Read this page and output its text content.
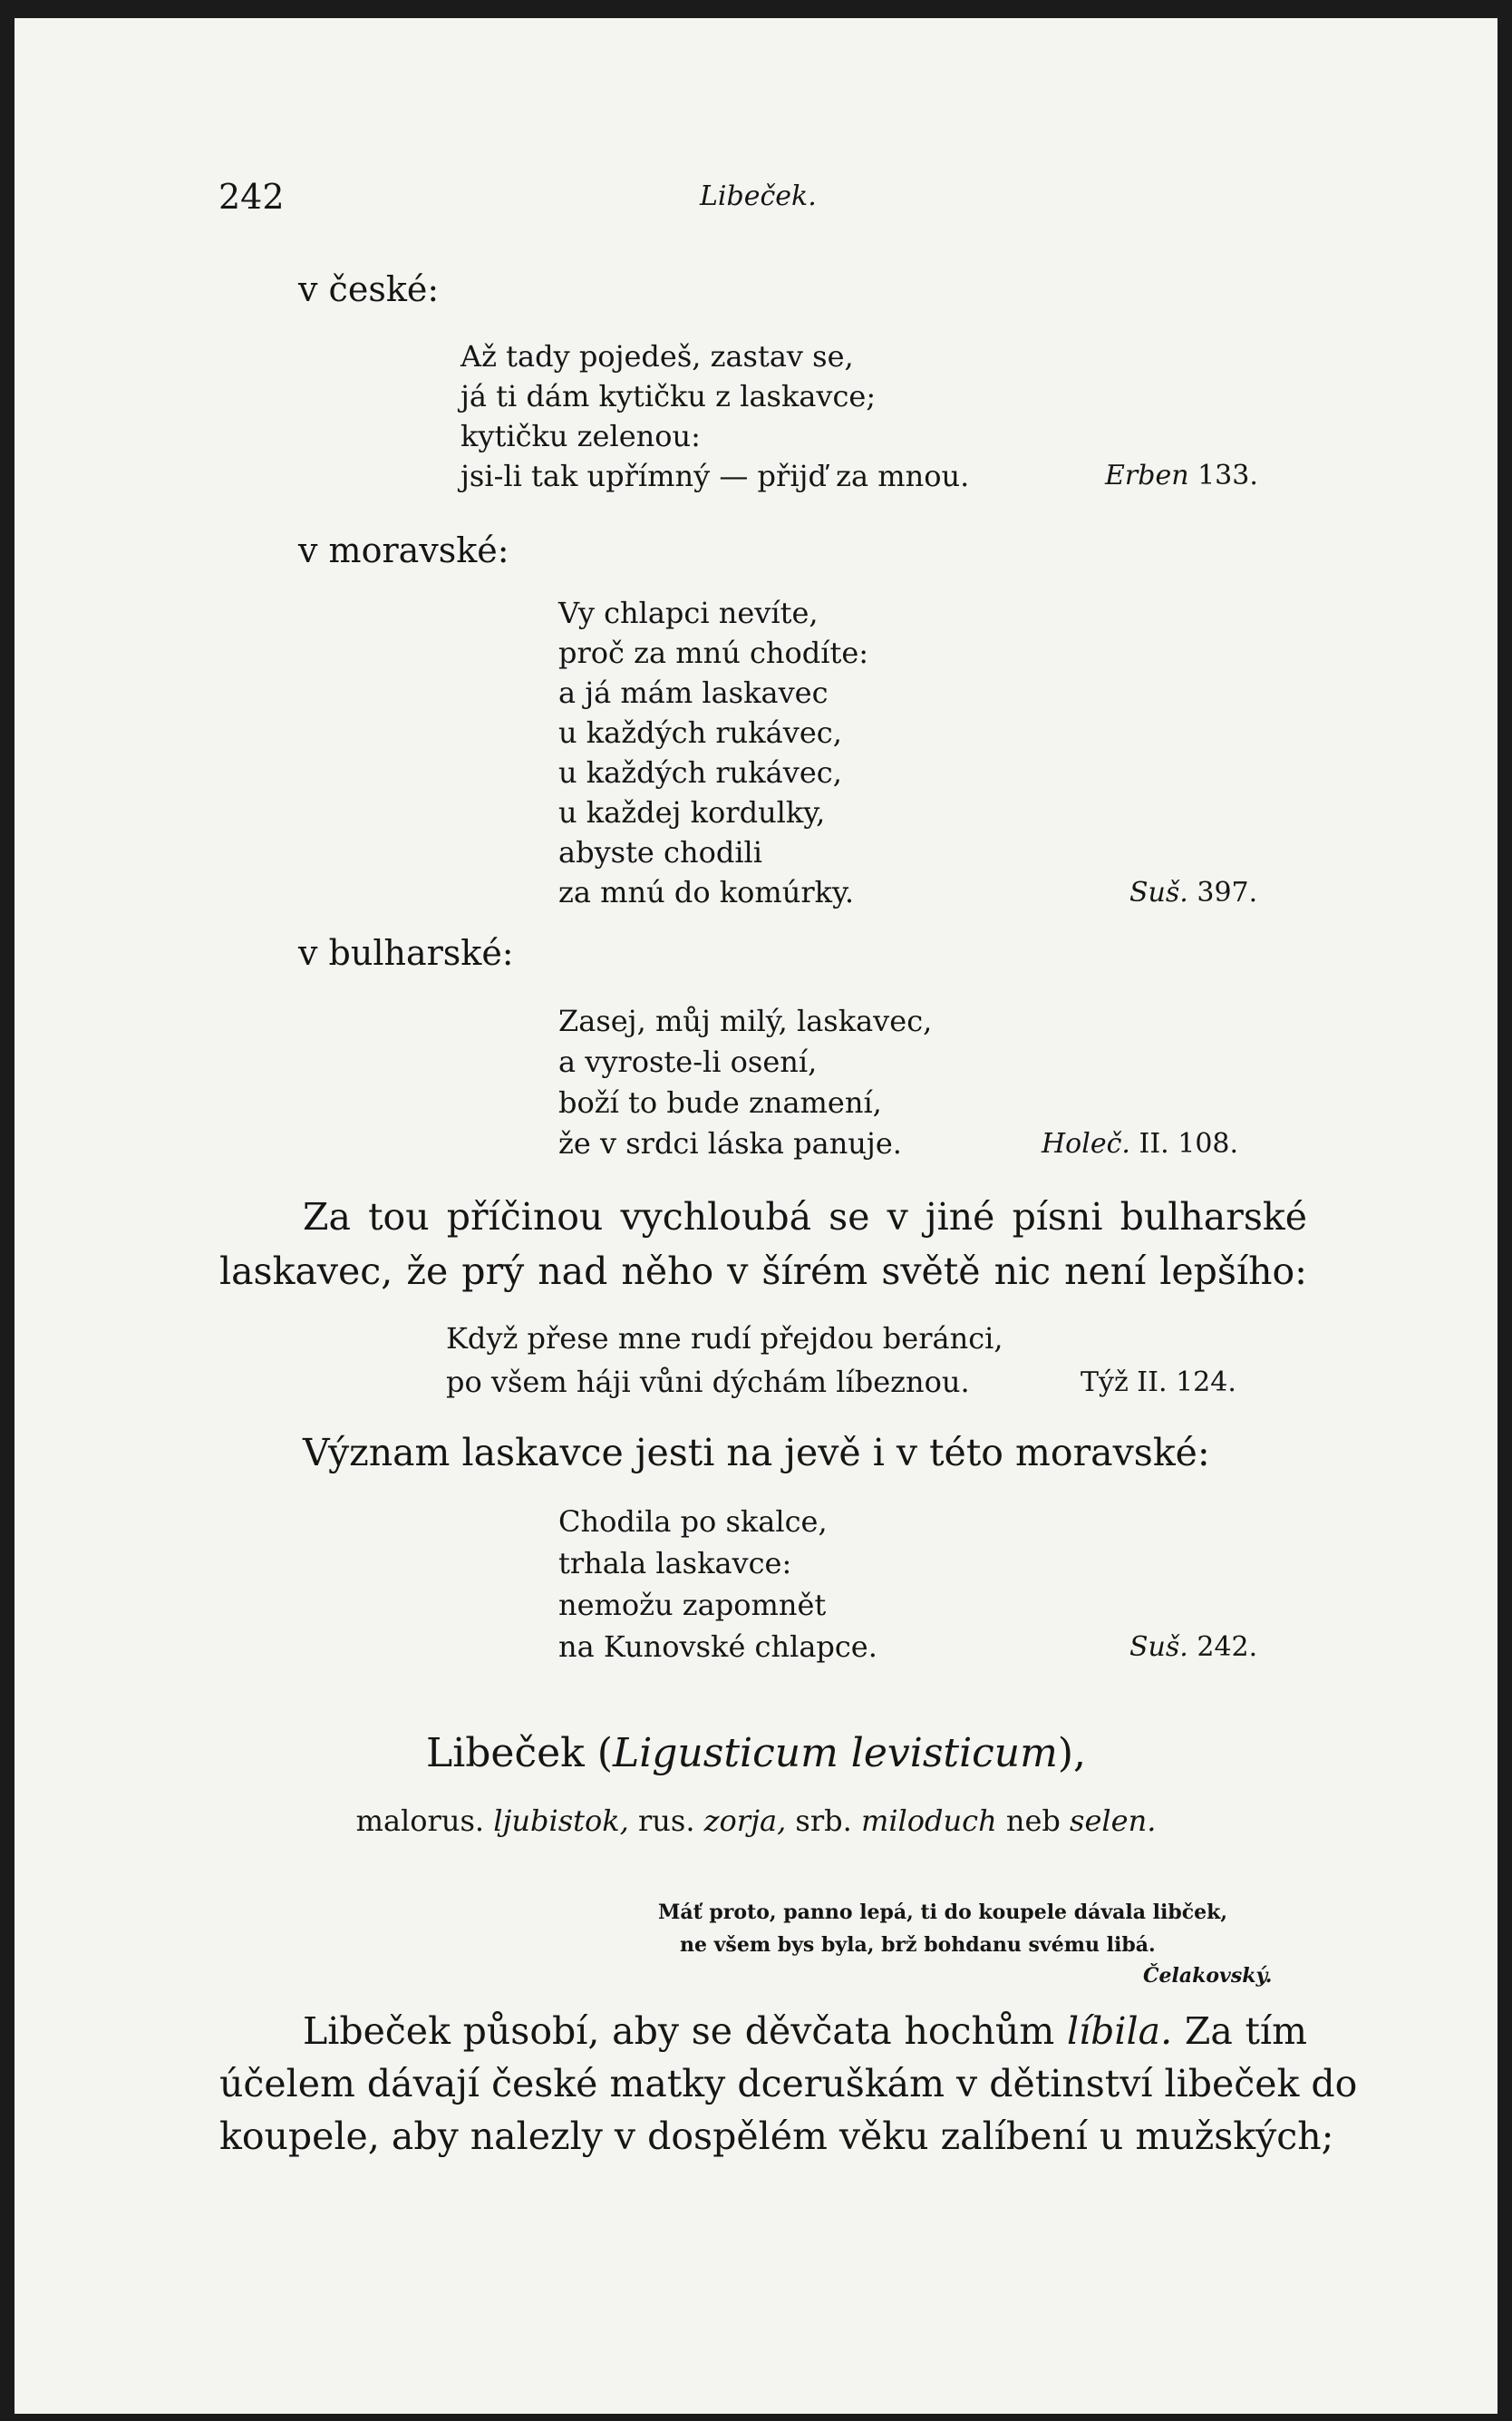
242	Libeček.
v české:
Až tady pojedeš, zastav se,
já ti dám kytičku z laskavce;
kytičku zelenou:
jsi-li tak upřímný — přijď za mnou.	Erben 133.
v moravské:
Vy chlapci nevíte,
proč za mnú chodíte:
a já mám laskavec
u každých rukávec,
u každých rukávec,
u každej kordulky,
abyste chodili
za mnú do komúrky.	Suš. 397.
v bulharské:
Zasej, můj milý, laskavec,
a vyroste-li osení,
boží to bude znamení,
že v srdci láska panuje.	Holeč. II. 108.
Za tou příčinou vychloubá se v jiné písni bulharské
laskavec, že prý nad něho v šírém světě nic není lepšího:
Když přese mne rudí přejdou beránci,
po všem háji vůni dýchám líbeznou.	Týž II. 124.
Význam laskavce jesti na jevě i v této moravské:
Chodila po skalce,
trhala laskavce:
nemožu zapomnět
na Kunovské chlapce.	Suš. 242.
Libeček (Ligusticum levisticum),
malorus. ljubistok, rus. zorja, srb. miloduch neb selen.
Máť proto, panno lepá, ti do koupele dávala libček,
ne všem bys byla, brž bohdanu svému libá.
Čelakovský.
Libeček působí, aby se děvčata hochům líbila. Za tím
účelem dávají české matky dceruškám v dětinství libeček do
koupele, aby nalezly v dospělém věku zalíbení u mužských;
